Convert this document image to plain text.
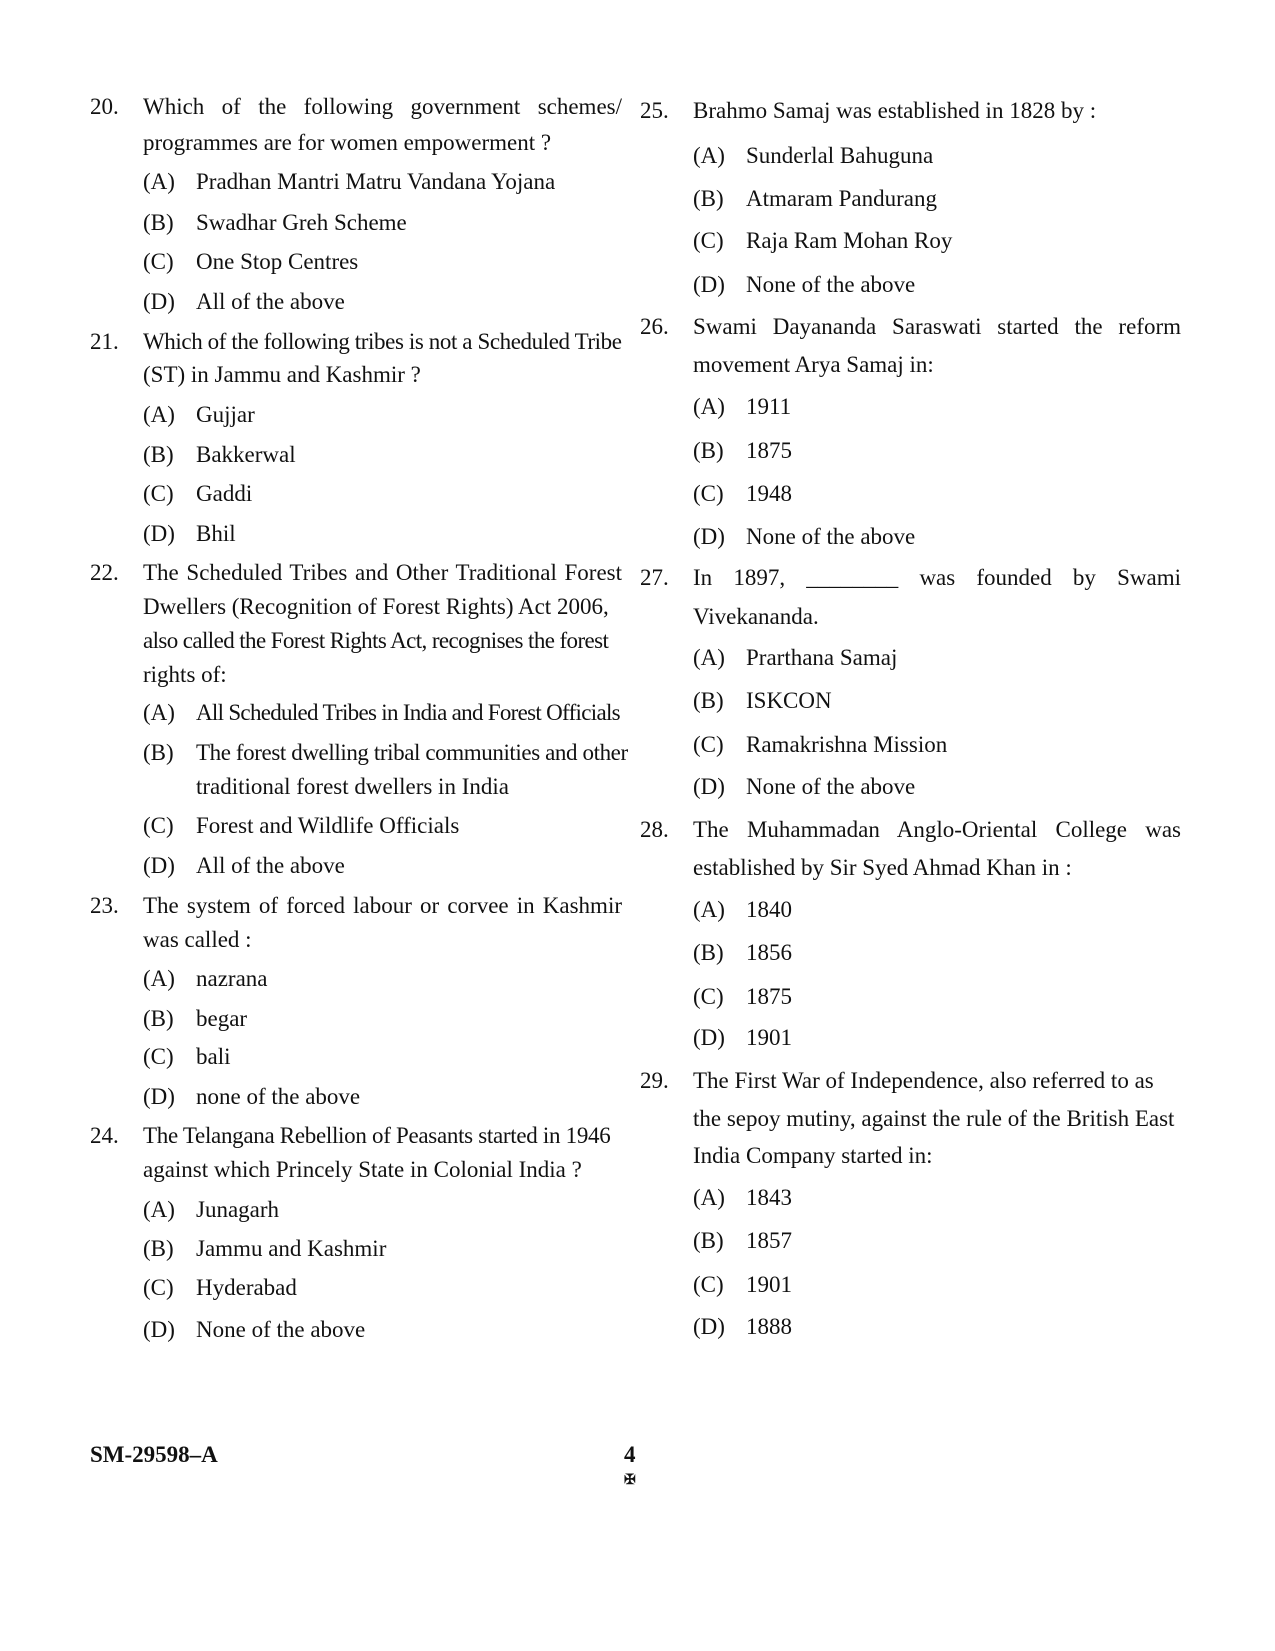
20. Which of the following government schemes/
programmes are for women empowerment ?
(A) Pradhan Mantri Matru Vandana Yojana
(B) Swadhar Greh Scheme
(C) One Stop Centres
(D) All of the above
21. Which of the following tribes is not a Scheduled Tribe
(ST) in Jammu and Kashmir ?
(A) Gujjar
(B) Bakkerwal
(C) Gaddi
(D) Bhil
22. The Scheduled Tribes and Other Traditional Forest
Dwellers (Recognition of Forest Rights) Act 2006,
also called the Forest Rights Act, recognises the forest
rights of:
(A) All Scheduled Tribes in India and Forest Officials
(B) The forest dwelling tribal communities and other
traditional forest dwellers in India
(C) Forest and Wildlife Officials
(D) All of the above
23. The system of forced labour or corvee in Kashmir
was called :
(A) nazrana
(B) begar
(C) bali
(D) none of the above
24. The Telangana Rebellion of Peasants started in 1946
against which Princely State in Colonial India ?
(A) Junagarh
(B) Jammu and Kashmir
(C) Hyderabad
(D) None of the above
25. Brahmo Samaj was established in 1828 by :
(A) Sunderlal Bahuguna
(B) Atmaram Pandurang
(C) Raja Ram Mohan Roy
(D) None of the above
26. Swami Dayananda Saraswati started the reform
movement Arya Samaj in:
(A) 1911
(B) 1875
(C) 1948
(D) None of the above
27. In 1897, ________ was founded by Swami
Vivekananda.
(A) Prarthana Samaj
(B) ISKCON
(C) Ramakrishna Mission
(D) None of the above
28. The Muhammadan Anglo-Oriental College was
established by Sir Syed Ahmad Khan in :
(A) 1840
(B) 1856
(C) 1875
(D) 1901
29. The First War of Independence, also referred to as
the sepoy mutiny, against the rule of the British East
India Company started in:
(A) 1843
(B) 1857
(C) 1901
(D) 1888
SM-29598–A	4
✠
